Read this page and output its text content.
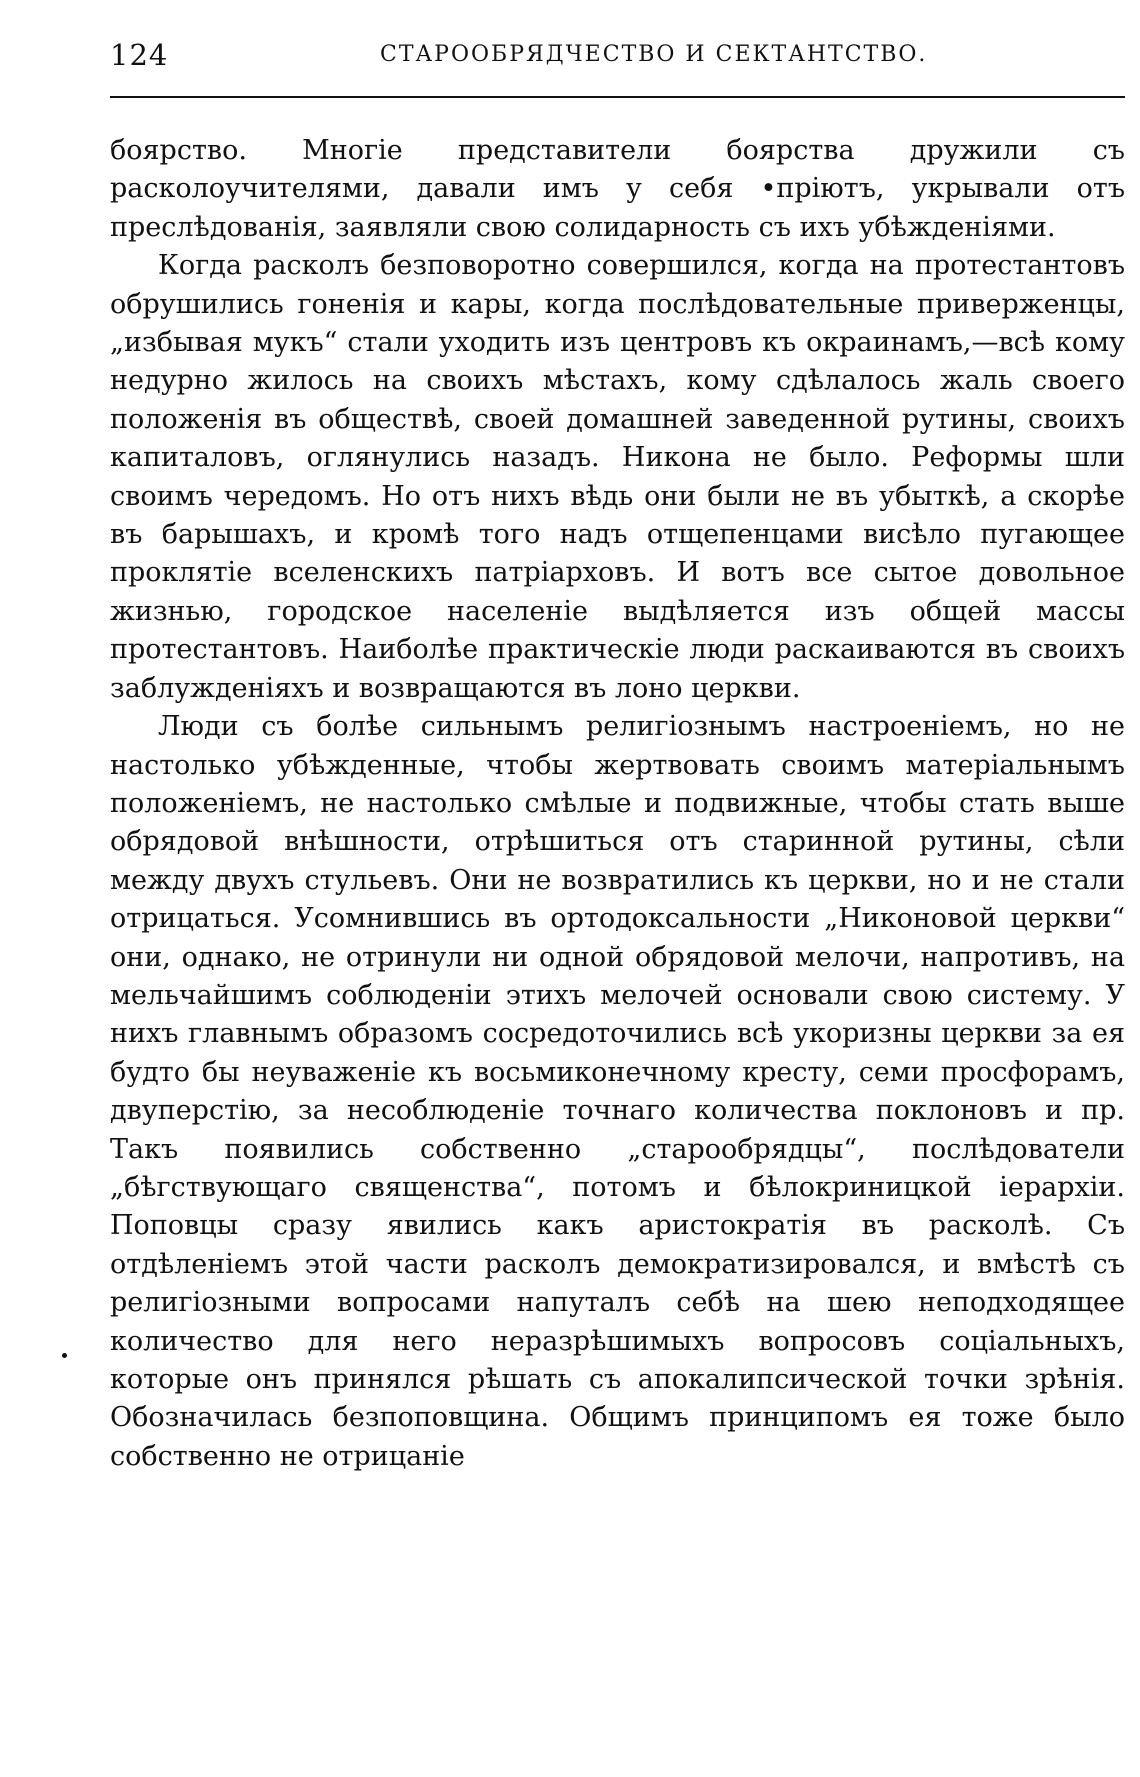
124	СТАРООБРЯДЧЕСТВО И СЕКТАНТСТВО.

боярство. Многіе представители боярства дружили съ расколоучителями, давали имъ у себя •пріютъ, укрывали отъ преслѣдованія, заявляли свою солидарность съ ихъ убѣжденіями.

Когда расколъ безповоротно совершился, когда на протестантовъ обрушились гоненія и кары, когда послѣдовательные приверженцы, „избывая мукъ“ стали уходить изъ центровъ къ окраинамъ,—всѣ кому недурно жилось на своихъ мѣстахъ, кому сдѣлалось жаль своего положенія въ обществѣ, своей домашней заведенной рутины, своихъ капиталовъ, оглянулись назадъ. Никона не было. Реформы шли своимъ чередомъ. Но отъ нихъ вѣдь они были не въ убыткѣ, а скорѣе въ барышахъ, и кромѣ того надъ отщепенцами висѣло пугающее проклятіе вселенскихъ патріарховъ. И вотъ все сытое довольное жизнью, городское населеніе выдѣляется изъ общей массы протестантовъ. Наиболѣе практическіе люди раскаиваются въ своихъ заблужденіяхъ и возвращаются въ лоно церкви.

Люди съ болѣе сильнымъ религіознымъ настроеніемъ, но не настолько убѣжденные, чтобы жертвовать своимъ матеріальнымъ положеніемъ, не настолько смѣлые и подвижные, чтобы стать выше обрядовой внѣшности, отрѣшиться отъ старинной рутины, сѣли между двухъ стульевъ. Они не возвратились къ церкви, но и не стали отрицаться. Усомнившись въ ортодоксальности „Никоновой церкви“ они, однако, не отринули ни одной обрядовой мелочи, напротивъ, на мельчайшимъ соблюденіи этихъ мелочей основали свою систему. У нихъ главнымъ образомъ сосредоточились всѣ укоризны церкви за ея будто бы неуваженіе къ восьмиконечному кресту, семи просфорамъ, двуперстію, за несоблюденіе точнаго количества поклоновъ и пр. Такъ появились собственно „старообрядцы“, послѣдователи „бѣгствующаго священства“, потомъ и бѣлокриницкой іерархіи. Поповцы сразу явились какъ аристократія въ расколѣ. Съ отдѣленіемъ этой части расколъ демократизировался, и вмѣстѣ съ религіозными вопросами напуталъ себѣ на шею неподходящее количество для него неразрѣшимыхъ вопросовъ соціальныхъ, которые онъ принялся рѣшать съ апокалипсической точки зрѣнія. Обозначилась безпоповщина. Общимъ принципомъ ея тоже было собственно не отрицаніе
